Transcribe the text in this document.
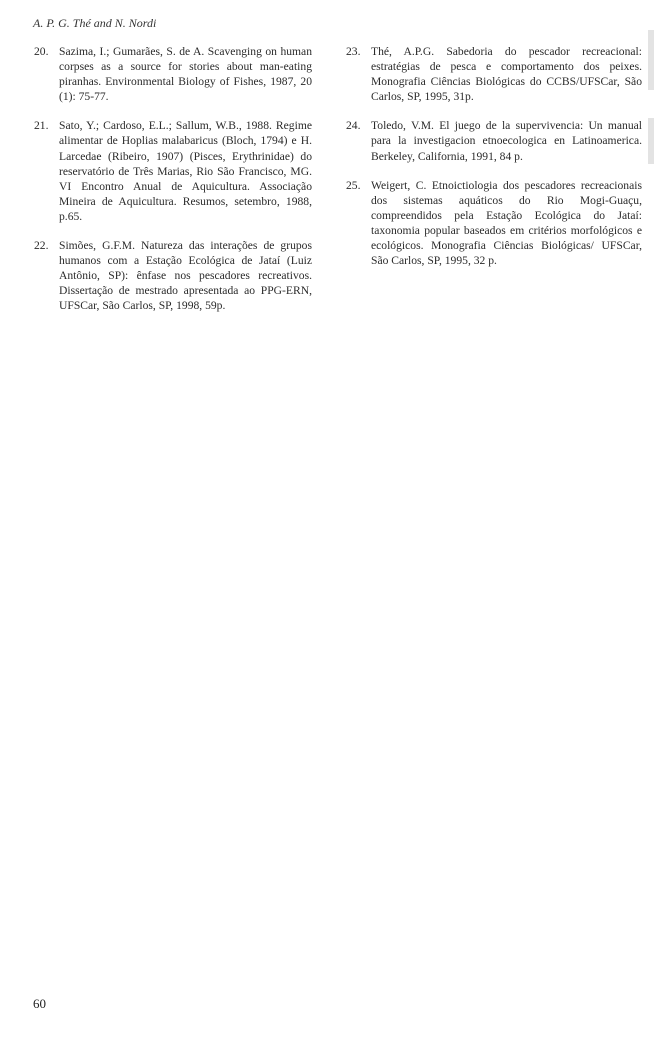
A. P. G. Thé and N. Nordi
20. Sazima, I.; Gumarães, S. de A. Scavenging on human corpses as a source for stories about man-eating piranhas. Environmental Biology of Fishes, 1987, 20 (1): 75-77.
21. Sato, Y.; Cardoso, E.L.; Sallum, W.B., 1988. Regime alimentar de Hoplias malabaricus (Bloch, 1794) e H. Larcedae (Ribeiro, 1907) (Pisces, Erythrinidae) do reservatório de Três Marias, Rio São Francisco, MG. VI Encontro Anual de Aquicultura. Associação Mineira de Aquicultura. Resumos, setembro, 1988, p.65.
22. Simões, G.F.M. Natureza das interações de grupos humanos com a Estação Ecológica de Jataí (Luiz Antônio, SP): ênfase nos pescadores recreativos. Dissertação de mestrado apresentada ao PPG-ERN, UFSCar, São Carlos, SP, 1998, 59p.
23. Thé, A.P.G. Sabedoria do pescador recreacional: estratégias de pesca e comportamento dos peixes. Monografia Ciências Biológicas do CCBS/UFSCar, São Carlos, SP, 1995, 31p.
24. Toledo, V.M. El juego de la supervivencia: Un manual para la investigacion etnoecologica en Latinoamerica. Berkeley, California, 1991, 84 p.
25. Weigert, C. Etnoictiologia dos pescadores recreacionais dos sistemas aquáticos do Rio Mogi-Guaçu, compreendidos pela Estação Ecológica do Jataí: taxonomia popular baseados em critérios morfológicos e ecológicos. Monografia Ciências Biológicas/ UFSCar, São Carlos, SP, 1995, 32 p.
60
